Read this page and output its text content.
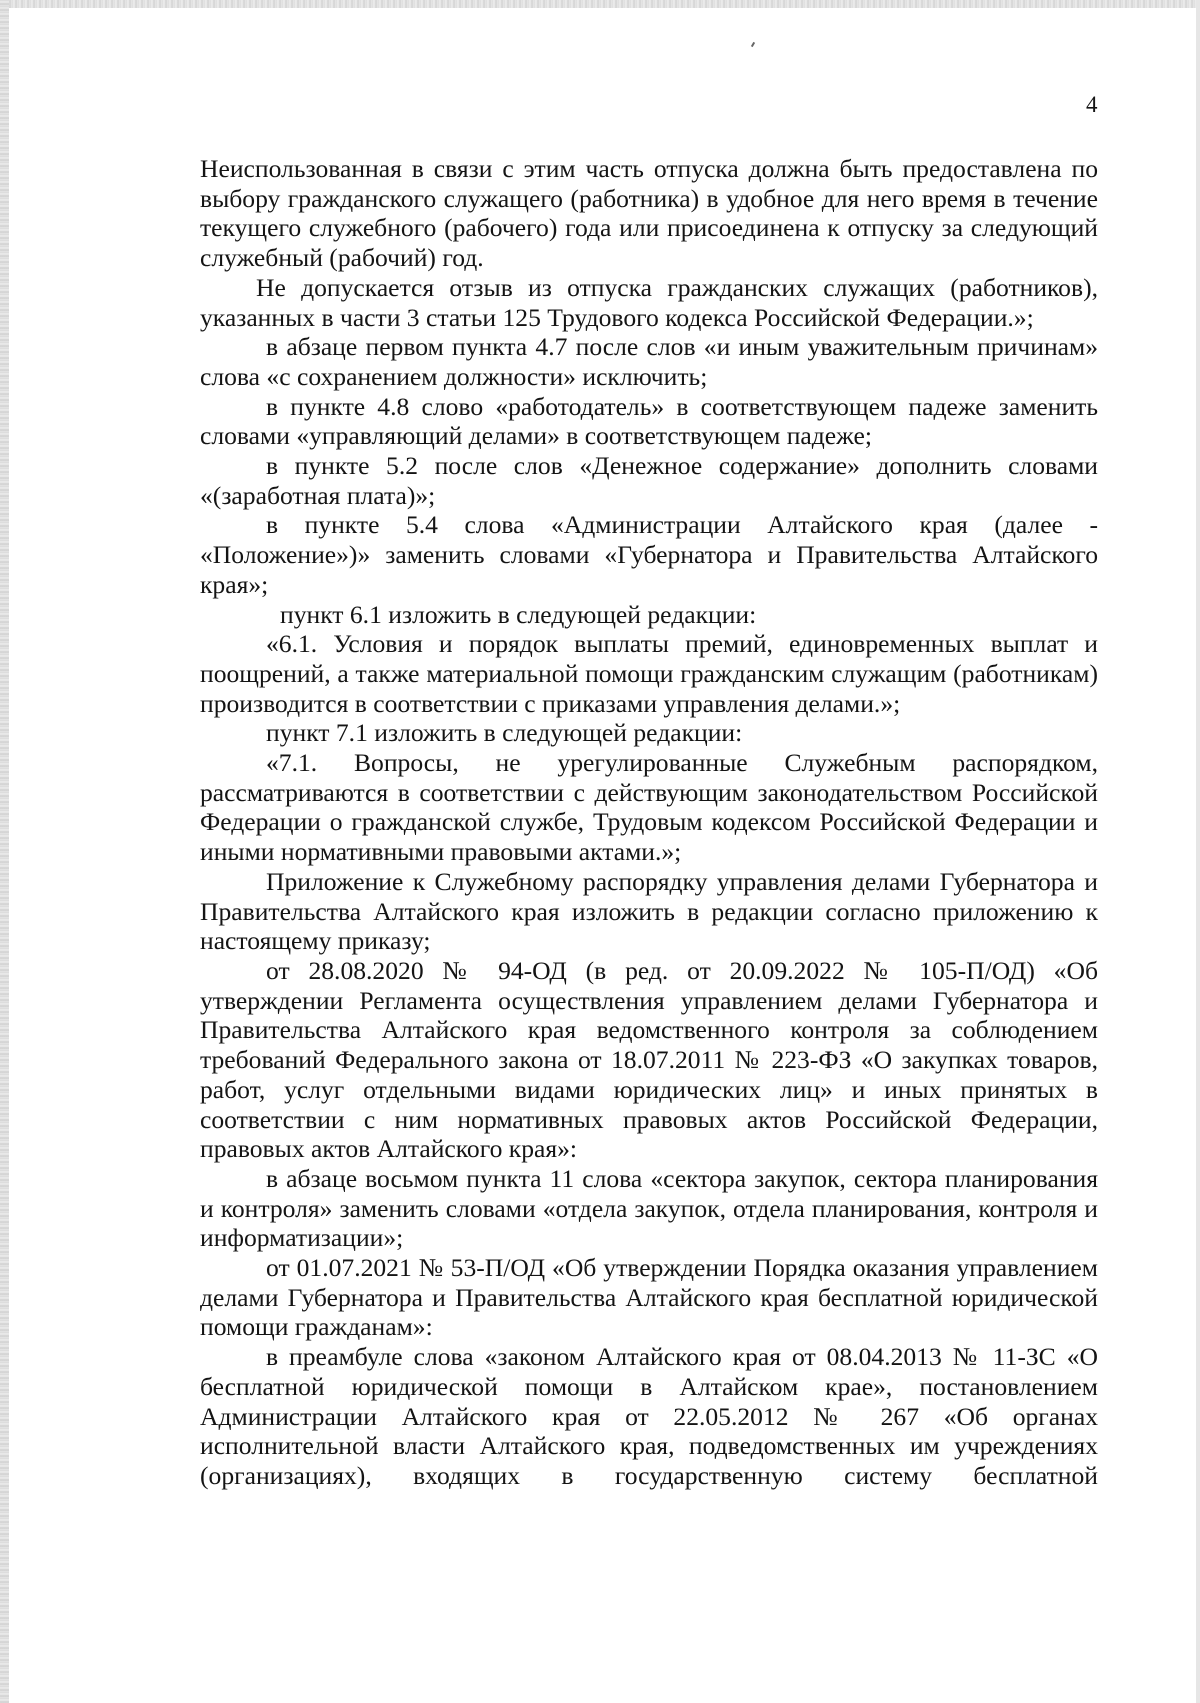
4

Неиспользованная в связи с этим часть отпуска должна быть предоставлена по выбору гражданского служащего (работника) в удобное для него время в течение текущего служебного (рабочего) года или присоединена к отпуску за следующий служебный (рабочий) год.

Не допускается отзыв из отпуска гражданских служащих (работников), указанных в части 3 статьи 125 Трудового кодекса Российской Федерации.»;

в абзаце первом пункта 4.7 после слов «и иным уважительным причинам» слова «с сохранением должности» исключить;

в пункте 4.8 слово «работодатель» в соответствующем падеже заменить словами «управляющий делами» в соответствующем падеже;

в пункте 5.2 после слов «Денежное содержание» дополнить словами «(заработная плата)»;

в пункте 5.4 слова «Администрации Алтайского края (далее - «Положение»)» заменить словами «Губернатора и Правительства Алтайского края»;

пункт 6.1 изложить в следующей редакции:

«6.1. Условия и порядок выплаты премий, единовременных выплат и поощрений, а также материальной помощи гражданским служащим (работникам) производится в соответствии с приказами управления делами.»;

пункт 7.1 изложить в следующей редакции:

«7.1. Вопросы, не урегулированные Служебным распорядком, рассматриваются в соответствии с действующим законодательством Российской Федерации о гражданской службе, Трудовым кодексом Российской Федерации и иными нормативными правовыми актами.»;

Приложение к Служебному распорядку управления делами Губернатора и Правительства Алтайского края изложить в редакции согласно приложению к настоящему приказу;

от 28.08.2020 № 94-ОД (в ред. от 20.09.2022 № 105-П/ОД) «Об утверждении Регламента осуществления управлением делами Губернатора и Правительства Алтайского края ведомственного контроля за соблюдением требований Федерального закона от 18.07.2011 № 223-ФЗ «О закупках товаров, работ, услуг отдельными видами юридических лиц» и иных принятых в соответствии с ним нормативных правовых актов Российской Федерации, правовых актов Алтайского края»:

в абзаце восьмом пункта 11 слова «сектора закупок, сектора планирования и контроля» заменить словами «отдела закупок, отдела планирования, контроля и информатизации»;

от 01.07.2021 № 53-П/ОД «Об утверждении Порядка оказания управлением делами Губернатора и Правительства Алтайского края бесплатной юридической помощи гражданам»:

в преамбуле слова «законом Алтайского края от 08.04.2013 № 11-ЗС «О бесплатной юридической помощи в Алтайском крае», постановлением Администрации Алтайского края от 22.05.2012 № 267 «Об органах исполнительной власти Алтайского края, подведомственных им учреждениях (организациях), входящих в государственную систему бесплатной
